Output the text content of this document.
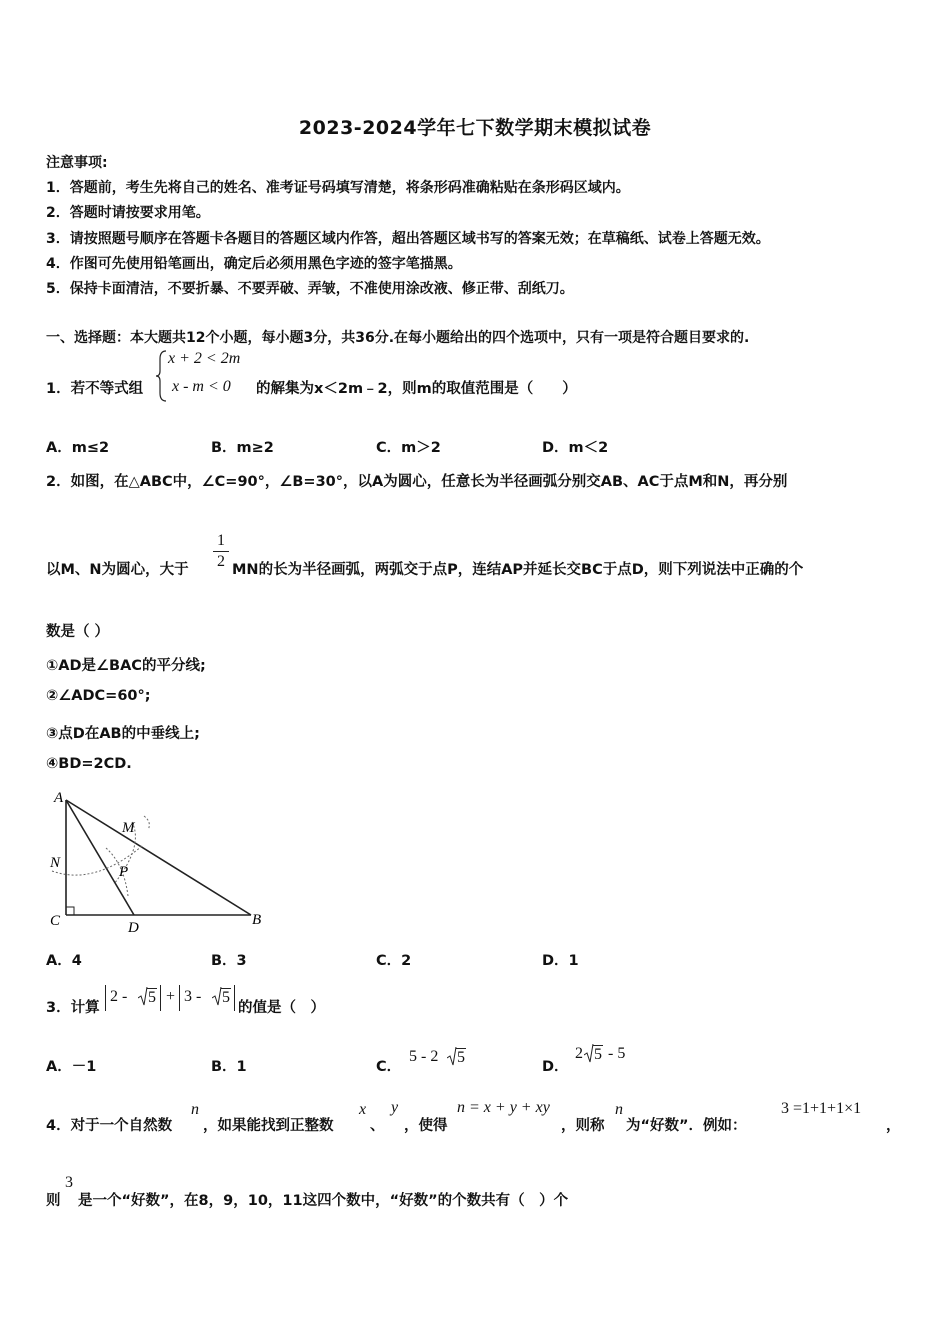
2023-2024学年七下数学期末模拟试卷
注意事项:
1．答题前，考生先将自己的姓名、准考证号码填写清楚，将条形码准确粘贴在条形码区域内。
2．答题时请按要求用笔。
3．请按照题号顺序在答题卡各题目的答题区域内作答，超出答题区域书写的答案无效；在草稿纸、试卷上答题无效。
4．作图可先使用铅笔画出，确定后必须用黑色字迹的签字笔描黑。
5．保持卡面清洁，不要折暴、不要弄破、弄皱，不准使用涂改液、修正带、刮纸刀。
一、选择题：本大题共12个小题，每小题3分，共36分.在每小题给出的四个选项中，只有一项是符合题目要求的.
1．若不等式组
x + 2 < 2m
x - m < 0 的解集为x＜2m﹣2，则m的取值范围是（　　）
A．m≤2	B．m≥2	C．m＞2	D．m＜2
2．如图，在△ABC中，∠C=90°，∠B=30°，以A为圆心，任意长为半径画弧分别交AB、AC于点M和N，再分别
以M、N为圆心，大于
1
2 MN的长为半径画弧，两弧交于点P，连结AP并延长交BC于点D，则下列说法中正确的个
数是（ ）
①AD是∠BAC的平分线;
②∠ADC=60°;
③点D在AB的中垂线上;
④BD=2CD.
A
M
N
P
C	D	B
A．4	B．3	C．2	D．1
3．计算
2 - 5 + 3 - 5
的值是（　）
A．－1	B．1	C．
5 - 2 5
D．
2 5 - 5
4．对于一个自然数
n
，如果能找到正整数
x
、
y
，使得
n = x + y + xy
，则称
n
为“好数”．例如：
3 =1+1+1×1
，
则
3
是一个“好数”，在8，9，10，11这四个数中，“好数”的个数共有（　）个
